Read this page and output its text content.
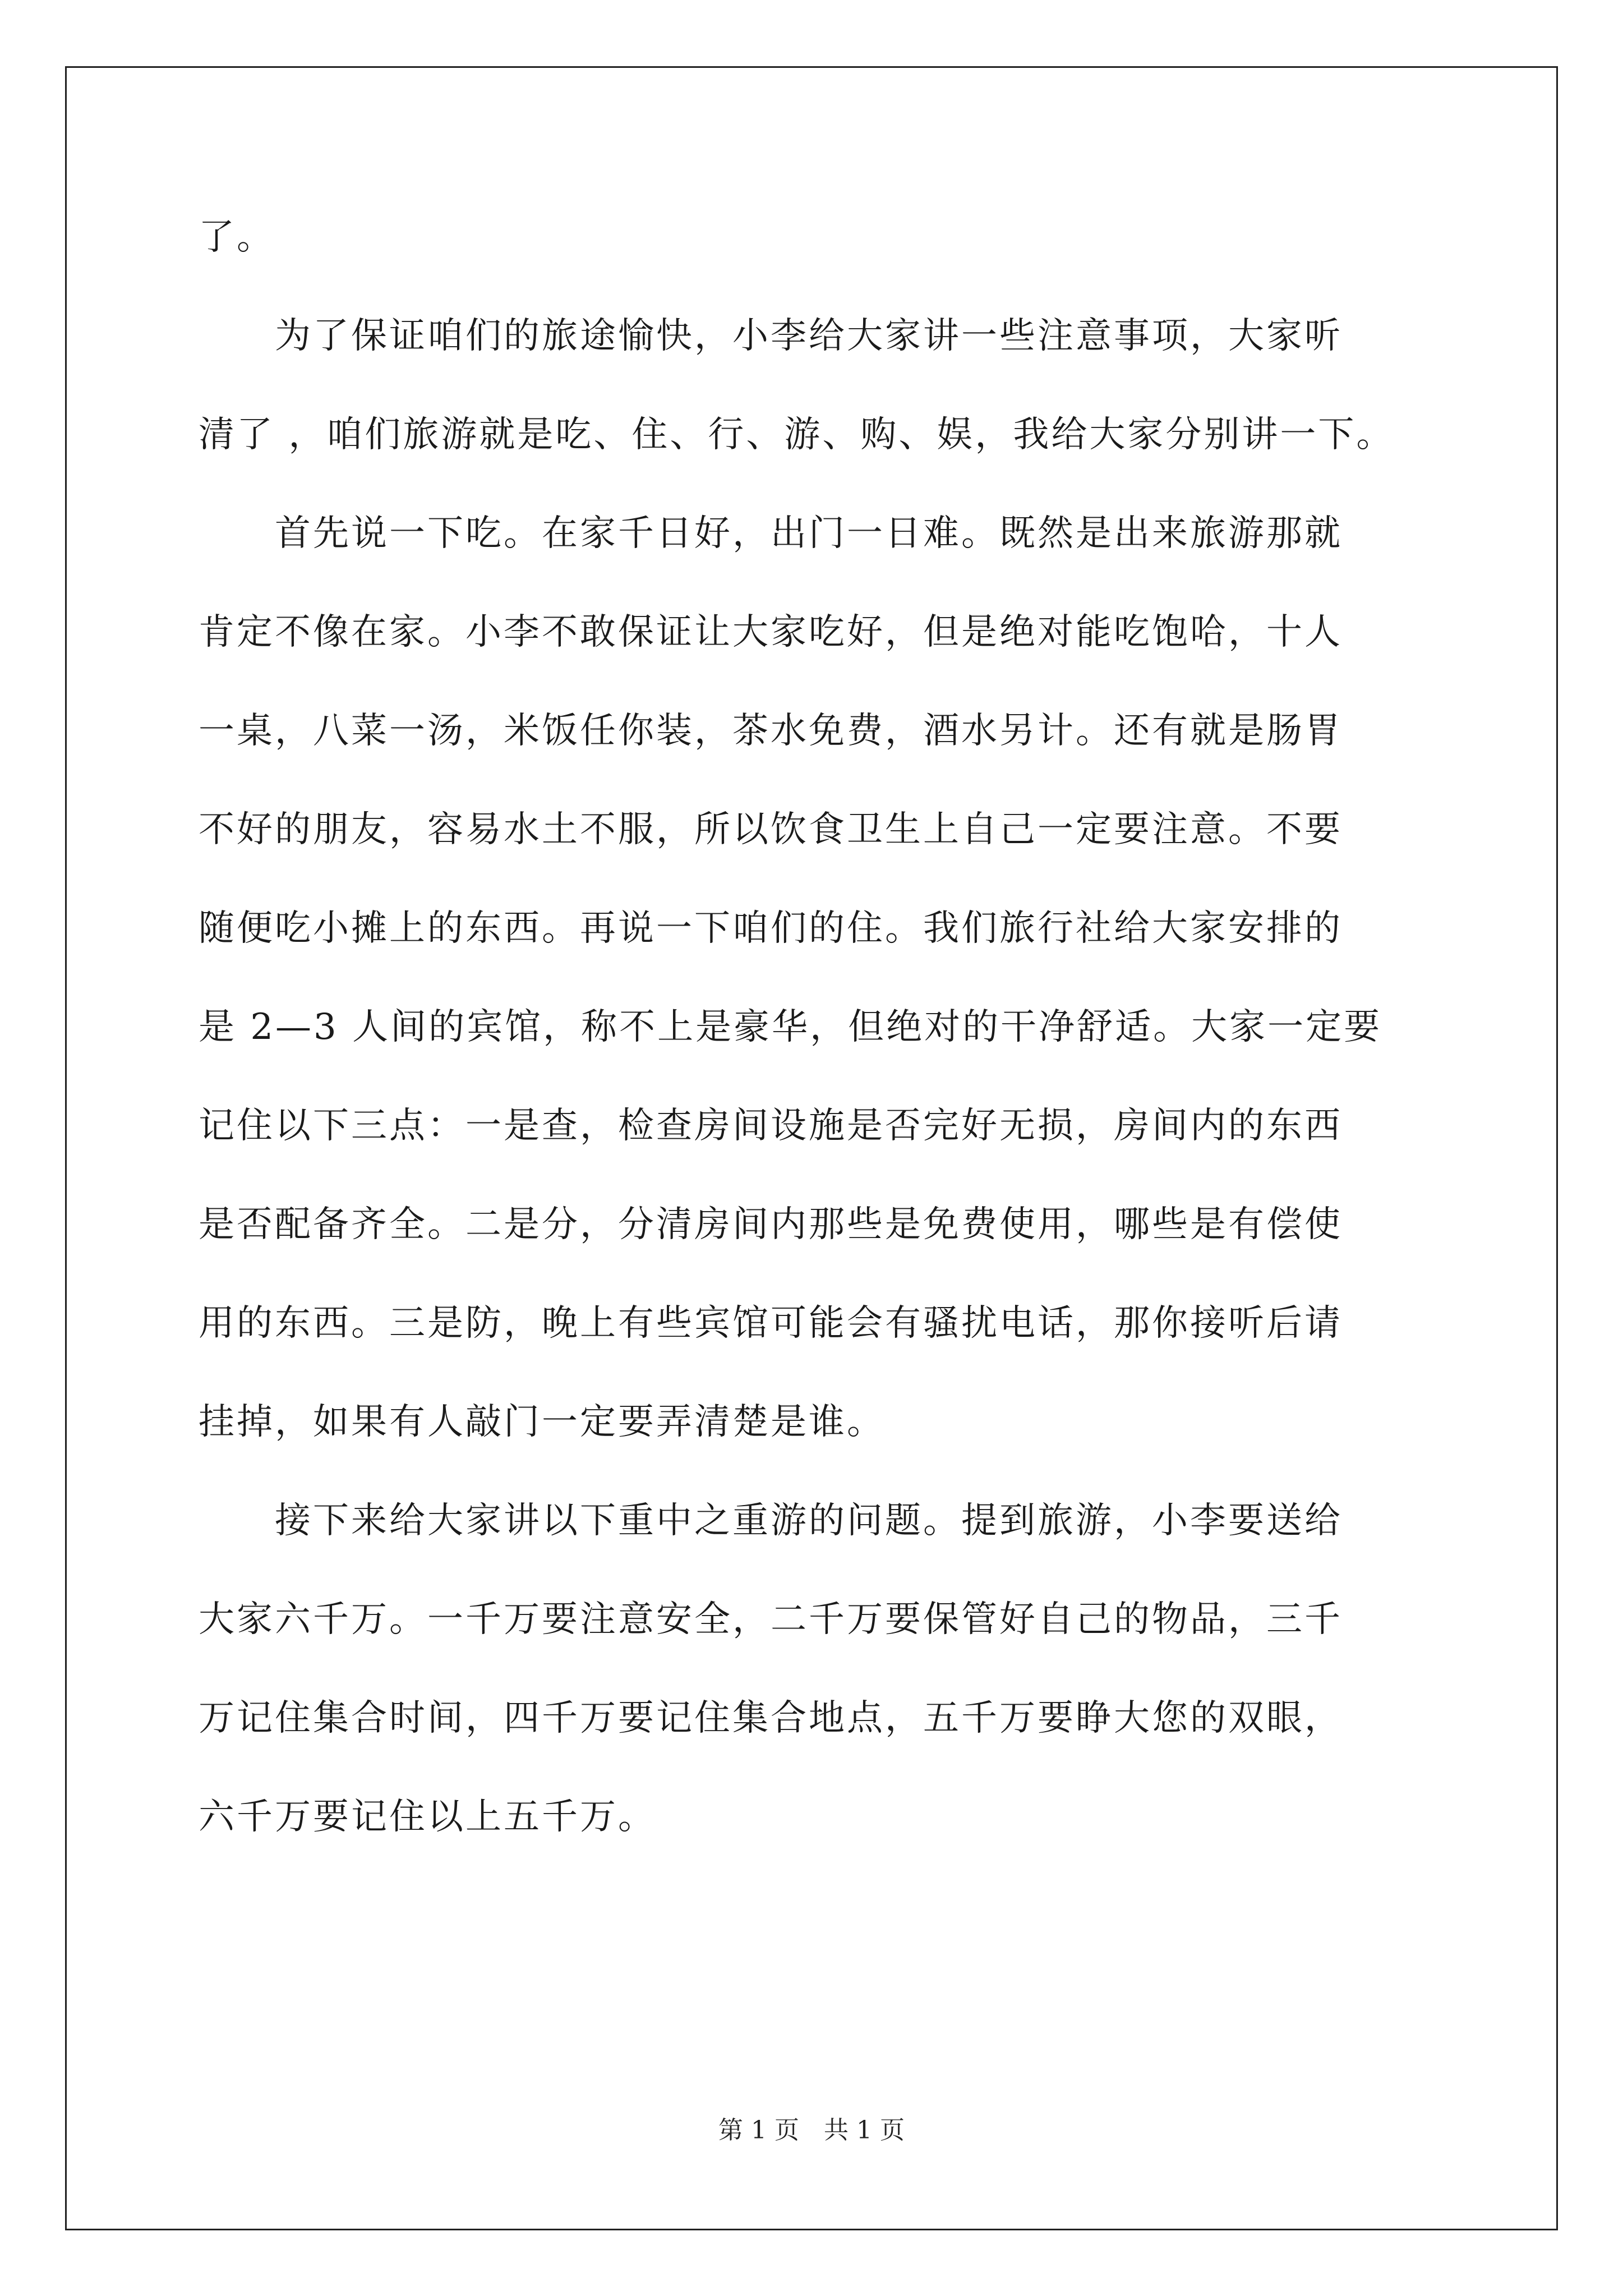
了。
　　为了保证咱们的旅途愉快，小李给大家讲一些注意事项，大家听
清了 ，咱们旅游就是吃、住、行、游、购、娱，我给大家分别讲一下。
　　首先说一下吃。在家千日好，出门一日难。既然是出来旅游那就
肯定不像在家。小李不敢保证让大家吃好，但是绝对能吃饱哈，十人
一桌，八菜一汤，米饭任你装，茶水免费，酒水另计。还有就是肠胃
不好的朋友，容易水土不服，所以饮食卫生上自己一定要注意。不要
随便吃小摊上的东西。再说一下咱们的住。我们旅行社给大家安排的
是 2—3 人间的宾馆，称不上是豪华，但绝对的干净舒适。大家一定要
记住以下三点：一是查，检查房间设施是否完好无损，房间内的东西
是否配备齐全。二是分，分清房间内那些是免费使用，哪些是有偿使
用的东西。三是防，晚上有些宾馆可能会有骚扰电话，那你接听后请
挂掉，如果有人敲门一定要弄清楚是谁。
　　接下来给大家讲以下重中之重游的问题。提到旅游，小李要送给
大家六千万。一千万要注意安全，二千万要保管好自己的物品，三千
万记住集合时间，四千万要记住集合地点，五千万要睁大您的双眼，
六千万要记住以上五千万。
第 1 页　共 1 页
